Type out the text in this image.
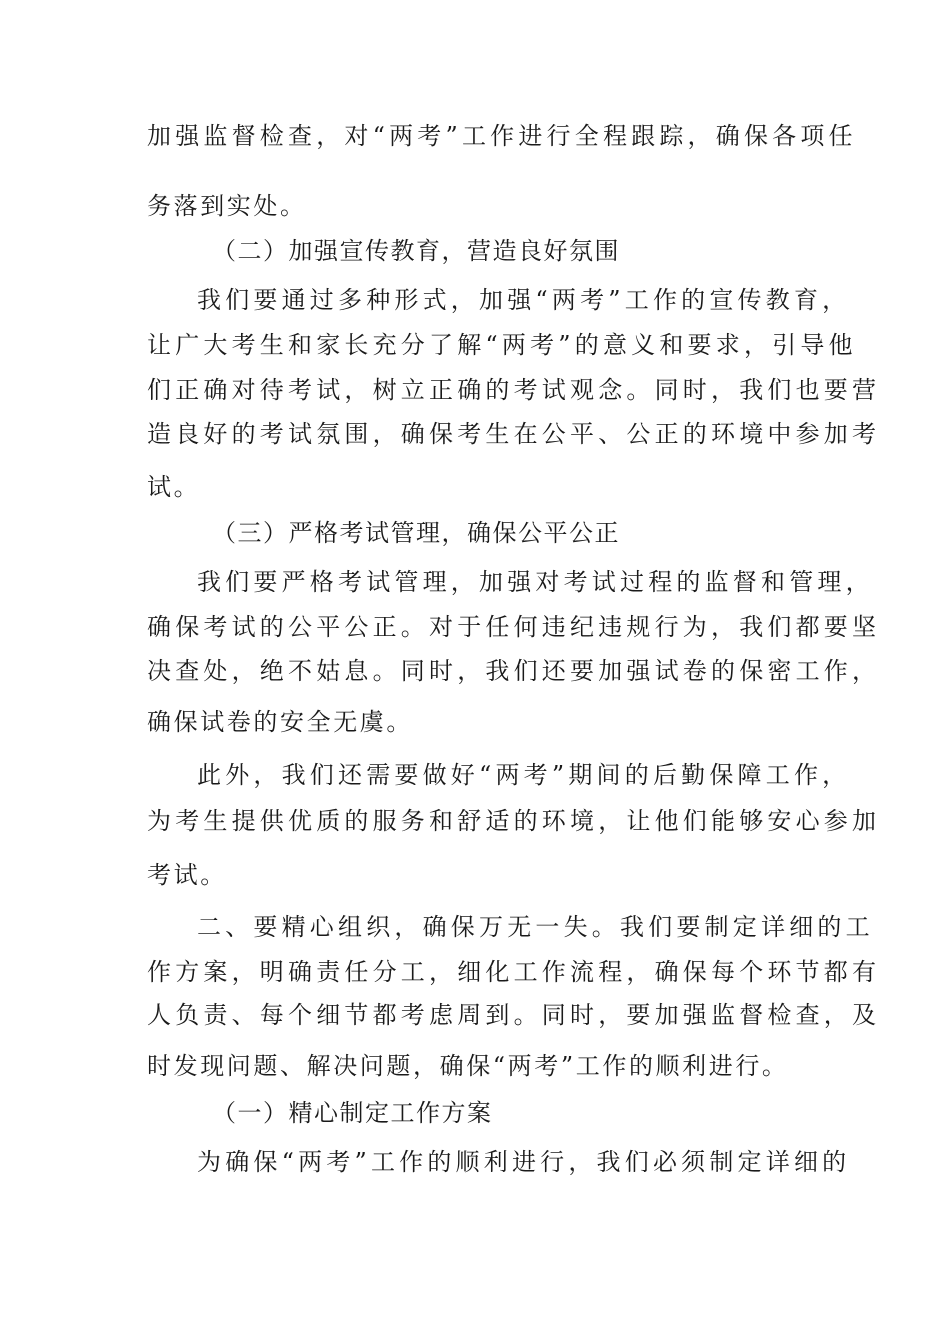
加强监督检查，对“两考”工作进行全程跟踪，确保各项任
务落到实处。
（二）加强宣传教育，营造良好氛围
我们要通过多种形式，加强“两考”工作的宣传教育，
让广大考生和家长充分了解“两考”的意义和要求，引导他
们正确对待考试，树立正确的考试观念。同时，我们也要营
造良好的考试氛围，确保考生在公平、公正的环境中参加考
试。
（三）严格考试管理，确保公平公正
我们要严格考试管理，加强对考试过程的监督和管理，
确保考试的公平公正。对于任何违纪违规行为，我们都要坚
决查处，绝不姑息。同时，我们还要加强试卷的保密工作，
确保试卷的安全无虞。
此外，我们还需要做好“两考”期间的后勤保障工作，
为考生提供优质的服务和舒适的环境，让他们能够安心参加
考试。
二、要精心组织，确保万无一失。我们要制定详细的工
作方案，明确责任分工，细化工作流程，确保每个环节都有
人负责、每个细节都考虑周到。同时，要加强监督检查，及
时发现问题、解决问题，确保“两考”工作的顺利进行。
（一）精心制定工作方案
为确保“两考”工作的顺利进行，我们必须制定详细的
